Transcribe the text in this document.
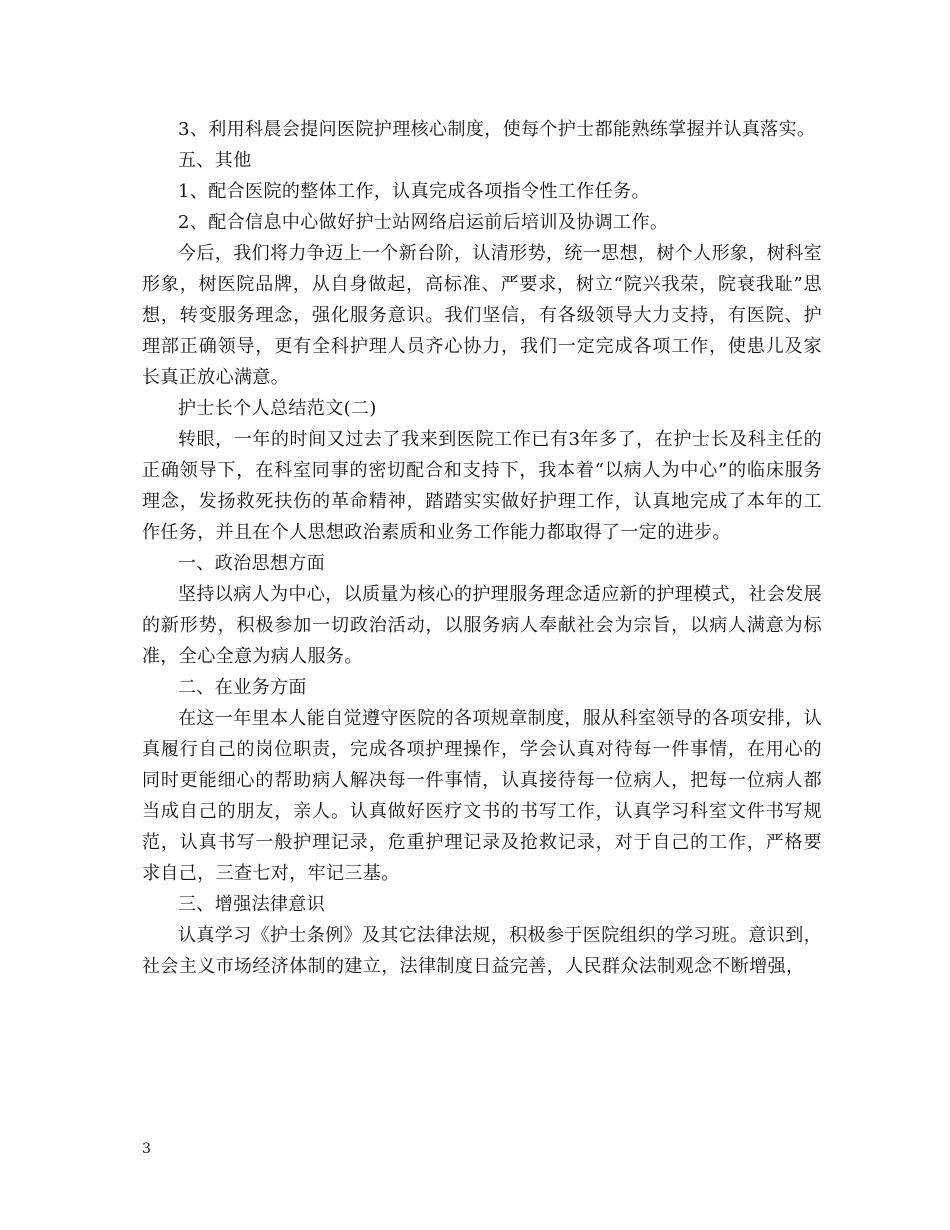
3、利用科晨会提问医院护理核心制度，使每个护士都能熟练掌握并认真落实。

五、其他

1、配合医院的整体工作，认真完成各项指令性工作任务。

2、配合信息中心做好护士站网络启运前后培训及协调工作。

今后，我们将力争迈上一个新台阶，认清形势，统一思想，树个人形象，树科室形象，树医院品牌，从自身做起，高标准、严要求，树立“院兴我荣，院衰我耻”思想，转变服务理念，强化服务意识。我们坚信，有各级领导大力支持，有医院、护理部正确领导，更有全科护理人员齐心协力，我们一定完成各项工作，使患儿及家长真正放心满意。

护士长个人总结范文(二)

转眼，一年的时间又过去了我来到医院工作已有3年多了，在护士长及科主任的正确领导下，在科室同事的密切配合和支持下，我本着“以病人为中心”的临床服务理念，发扬救死扶伤的革命精神，踏踏实实做好护理工作，认真地完成了本年的工作任务，并且在个人思想政治素质和业务工作能力都取得了一定的进步。

一、政治思想方面

坚持以病人为中心，以质量为核心的护理服务理念适应新的护理模式，社会发展的新形势，积极参加一切政治活动，以服务病人奉献社会为宗旨，以病人满意为标准，全心全意为病人服务。

二、在业务方面

在这一年里本人能自觉遵守医院的各项规章制度，服从科室领导的各项安排，认真履行自己的岗位职责，完成各项护理操作，学会认真对待每一件事情，在用心的同时更能细心的帮助病人解决每一件事情，认真接待每一位病人，把每一位病人都当成自己的朋友，亲人。认真做好医疗文书的书写工作，认真学习科室文件书写规范，认真书写一般护理记录，危重护理记录及抢救记录，对于自己的工作，严格要求自己，三查七对，牢记三基。

三、增强法律意识

认真学习《护士条例》及其它法律法规，积极参于医院组织的学习班。意识到，社会主义市场经济体制的建立，法律制度日益完善，人民群众法制观念不断增强，

3
